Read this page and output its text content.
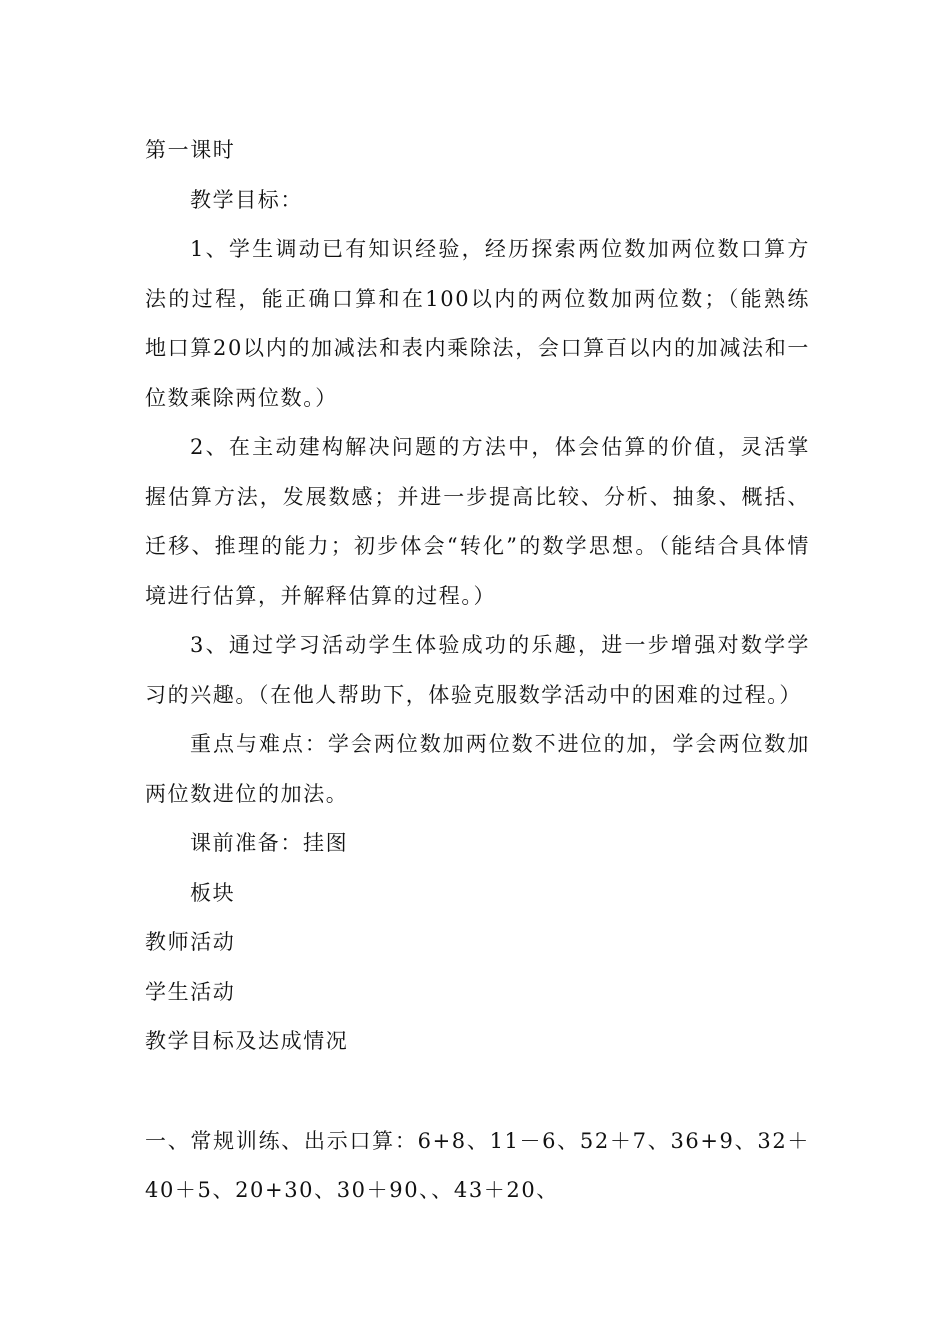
第一课时

教学目标：

1、学生调动已有知识经验，经历探索两位数加两位数口算方法的过程，能正确口算和在100以内的两位数加两位数；（能熟练地口算20以内的加减法和表内乘除法，会口算百以内的加减法和一位数乘除两位数。）

2、在主动建构解决问题的方法中，体会估算的价值，灵活掌握估算方法，发展数感；并进一步提高比较、分析、抽象、概括、迁移、推理的能力；初步体会“转化”的数学思想。（能结合具体情境进行估算，并解释估算的过程。）

3、通过学习活动学生体验成功的乐趣，进一步增强对数学学习的兴趣。（在他人帮助下，体验克服数学活动中的困难的过程。）

重点与难点：学会两位数加两位数不进位的加，学会两位数加两位数进位的加法。

课前准备：挂图

板块

教师活动

学生活动

教学目标及达成情况

一、常规训练、出示口算：6+8、11－6、52＋7、36+9、32＋40＋5、20+30、30＋90、、43＋20、
